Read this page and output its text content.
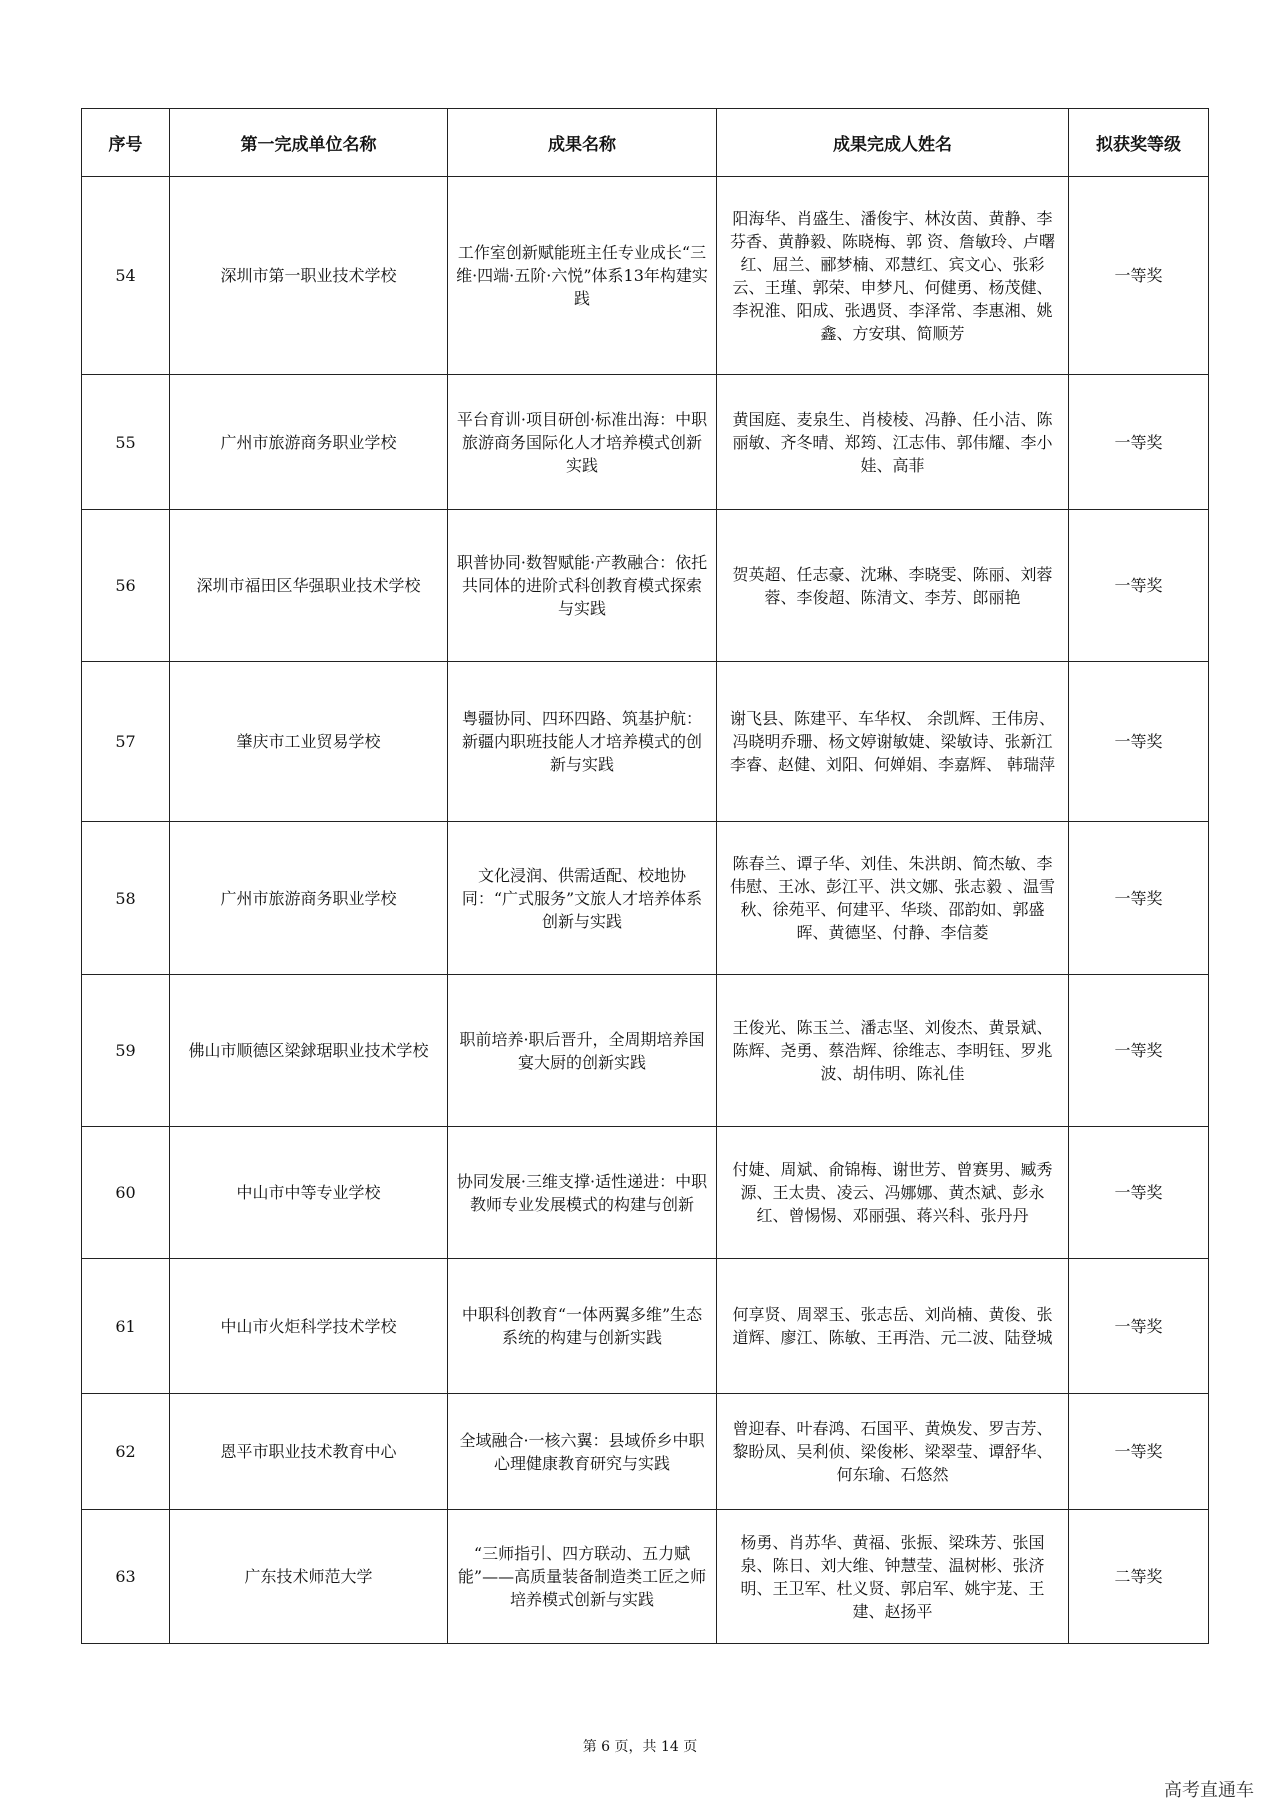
序号	第一完成单位名称	成果名称	成果完成人姓名	拟获奖等级
54	深圳市第一职业技术学校	工作室创新赋能班主任专业成长“三维·四端·五阶·六悦”体系13年构建实践	阳海华、肖盛生、潘俊宇、林汝茵、黄静、李芬香、黄静毅、陈晓梅、郭 资、詹敏玲、卢曙红、屈兰、郦梦楠、邓慧红、宾文心、张彩云、王瑾、郭荣、申梦凡、何健勇、杨茂健、李祝淮、阳成、张遇贤、李泽常、李惠湘、姚鑫、方安琪、简顺芳	一等奖
55	广州市旅游商务职业学校	平台育训·项目研创·标准出海：中职旅游商务国际化人才培养模式创新实践	黄国庭、麦泉生、肖棱棱、冯静、任小洁、陈丽敏、齐冬晴、郑筠、江志伟、郭伟耀、李小娃、高菲	一等奖
56	深圳市福田区华强职业技术学校	职普协同·数智赋能·产教融合：依托共同体的进阶式科创教育模式探索与实践	贺英超、任志豪、沈琳、李晓雯、陈丽、刘蓉蓉、李俊超、陈清文、李芳、郎丽艳	一等奖
57	肇庆市工业贸易学校	粤疆协同、四环四路、筑基护航：新疆内职班技能人才培养模式的创新与实践	谢飞县、陈建平、车华权、 余凯辉、王伟房、冯晓明乔珊、杨文婷谢敏婕、梁敏诗、张新江李睿、赵健、刘阳、何婵娟、李嘉辉、 韩瑞萍	一等奖
58	广州市旅游商务职业学校	文化浸润、供需适配、校地协同：“广式服务”文旅人才培养体系创新与实践	陈春兰、谭子华、刘佳、朱洪朗、简杰敏、李伟慰、王冰、彭江平、洪文娜、张志毅 、温雪秋、徐苑平、何建平、华琰、邵韵如、郭盛晖、黄德坚、付静、李信菱	一等奖
59	佛山市顺德区梁銶琚职业技术学校	职前培养·职后晋升，全周期培养国宴大厨的创新实践	王俊光、陈玉兰、潘志坚、刘俊杰、黄景斌、陈辉、尧勇、蔡浩辉、徐维志、李明钰、罗兆波、胡伟明、陈礼佳	一等奖
60	中山市中等专业学校	协同发展·三维支撑·适性递进：中职教师专业发展模式的构建与创新	付婕、周斌、俞锦梅、谢世芳、曾赛男、臧秀源、王太贵、凌云、冯娜娜、黄杰斌、彭永红、曾惕惕、邓丽强、蒋兴科、张丹丹	一等奖
61	中山市火炬科学技术学校	中职科创教育“一体两翼多维”生态系统的构建与创新实践	何享贤、周翠玉、张志岳、刘尚楠、黄俊、张道辉、廖江、陈敏、王再浩、元二波、陆登城	一等奖
62	恩平市职业技术教育中心	全域融合·一核六翼：县域侨乡中职心理健康教育研究与实践	曾迎春、叶春鸿、石国平、黄焕发、罗吉芳、黎盼凤、吴利侦、梁俊彬、梁翠莹、谭舒华、何东瑜、石悠然	一等奖
63	广东技术师范大学	“三师指引、四方联动、五力赋能”——高质量装备制造类工匠之师培养模式创新与实践	杨勇、肖苏华、黄福、张振、梁珠芳、张国泉、陈日、刘大维、钟慧莹、温树彬、张济明、王卫军、杜义贤、郭启军、姚宇茏、王建、赵扬平	二等奖
第 6 页，共 14 页
高考直通车
